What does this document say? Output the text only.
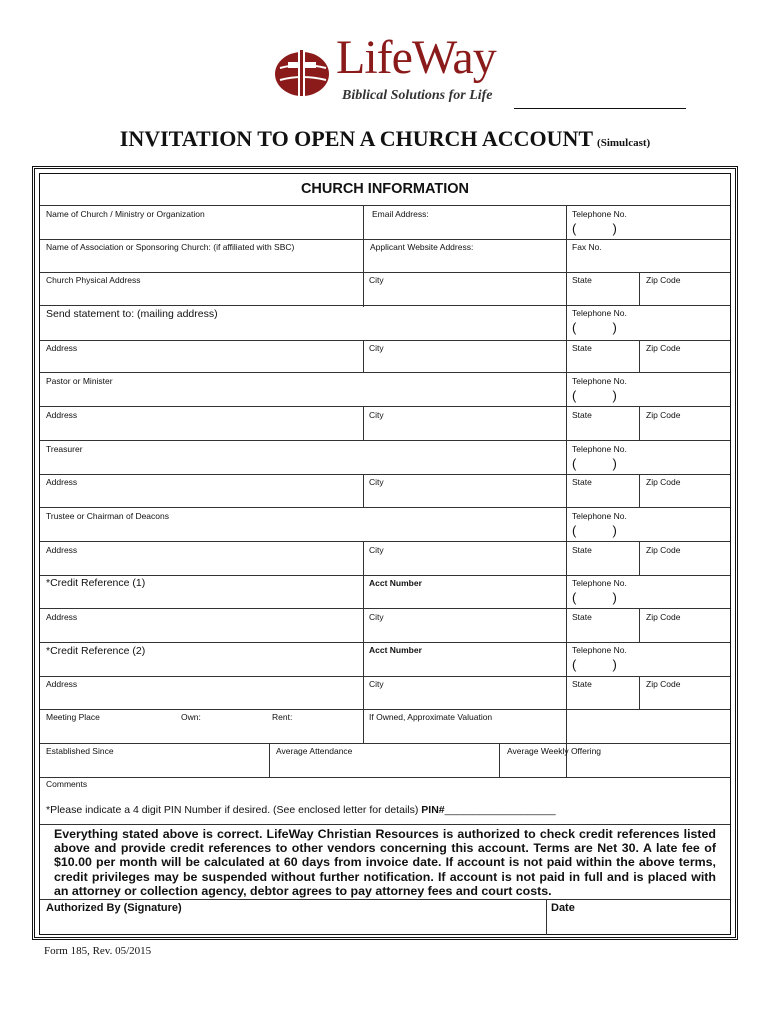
LifeWay
Biblical Solutions for Life
INVITATION TO OPEN A CHURCH ACCOUNT (Simulcast)
CHURCH INFORMATION
Name of Church / Ministry or Organization	Email Address:	Telephone No.
(          )
Name of Association or Sponsoring Church: (if affiliated with SBC)	Applicant Website Address:	Fax No.
Church Physical Address	City	State	Zip Code
Send statement to: (mailing address)	Telephone No.
(          )
Address	City	State	Zip Code
Pastor or Minister	Telephone No.
(          )
Address	City	State	Zip Code
Treasurer	Telephone No.
(          )
Address	City	State	Zip Code
Trustee or Chairman of Deacons	Telephone No.
(          )
Address	City	State	Zip Code
*Credit Reference (1)	Acct Number	Telephone No.
(          )
Address	City	State	Zip Code
*Credit Reference (2)	Acct Number	Telephone No.
(          )
Address	City	State	Zip Code
Meeting Place	Own:	Rent:	If Owned, Approximate Valuation
Established Since	Average Attendance	Average Weekly Offering
Comments
*Please indicate a 4 digit PIN Number if desired. (See enclosed letter for details) PIN#___________________
Everything stated above is correct. LifeWay Christian Resources is authorized to check credit references listed above and provide credit references to other vendors concerning this account. Terms are Net 30. A late fee of $10.00 per month will be calculated at 60 days from invoice date. If account is not paid within the above terms, credit privileges may be suspended without further notification. If account is not paid in full and is placed with an attorney or collection agency, debtor agrees to pay attorney fees and court costs.
Authorized By (Signature)	Date
Form 185, Rev. 05/2015
